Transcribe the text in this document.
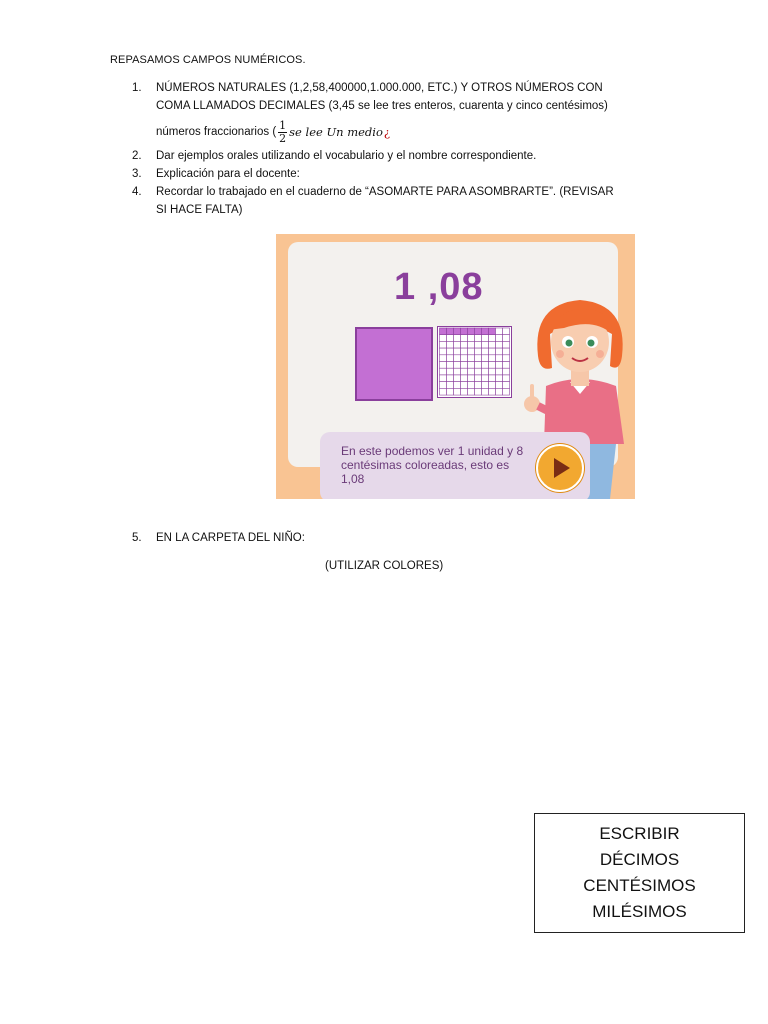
REPASAMOS CAMPOS NUMÉRICOS.
1. NÚMEROS NATURALES (1,2,58,400000,1.000.000, ETC.) Y OTROS NÚMEROS CON
COMA LLAMADOS DECIMALES (3,45 se lee tres enteros, cuarenta y cinco centésimos)
números fraccionarios ( $\frac{1}{2}$ se lee Un medio ¿
2. Dar ejemplos orales utilizando el vocabulario y el nombre correspondiente.
3. Explicación para el docente:
4. Recordar lo trabajado en el cuaderno de “ASOMARTE PARA ASOMBRARTE”. (REVISAR
SI HACE FALTA)
1 ,08
En este podemos ver 1 unidad y 8 centésimas coloreadas, esto es 1,08
5. EN LA CARPETA DEL NIÑO:
(UTILIZAR COLORES)
ESCRIBIR
DÉCIMOS
CENTÉSIMOS
MILÉSIMOS
